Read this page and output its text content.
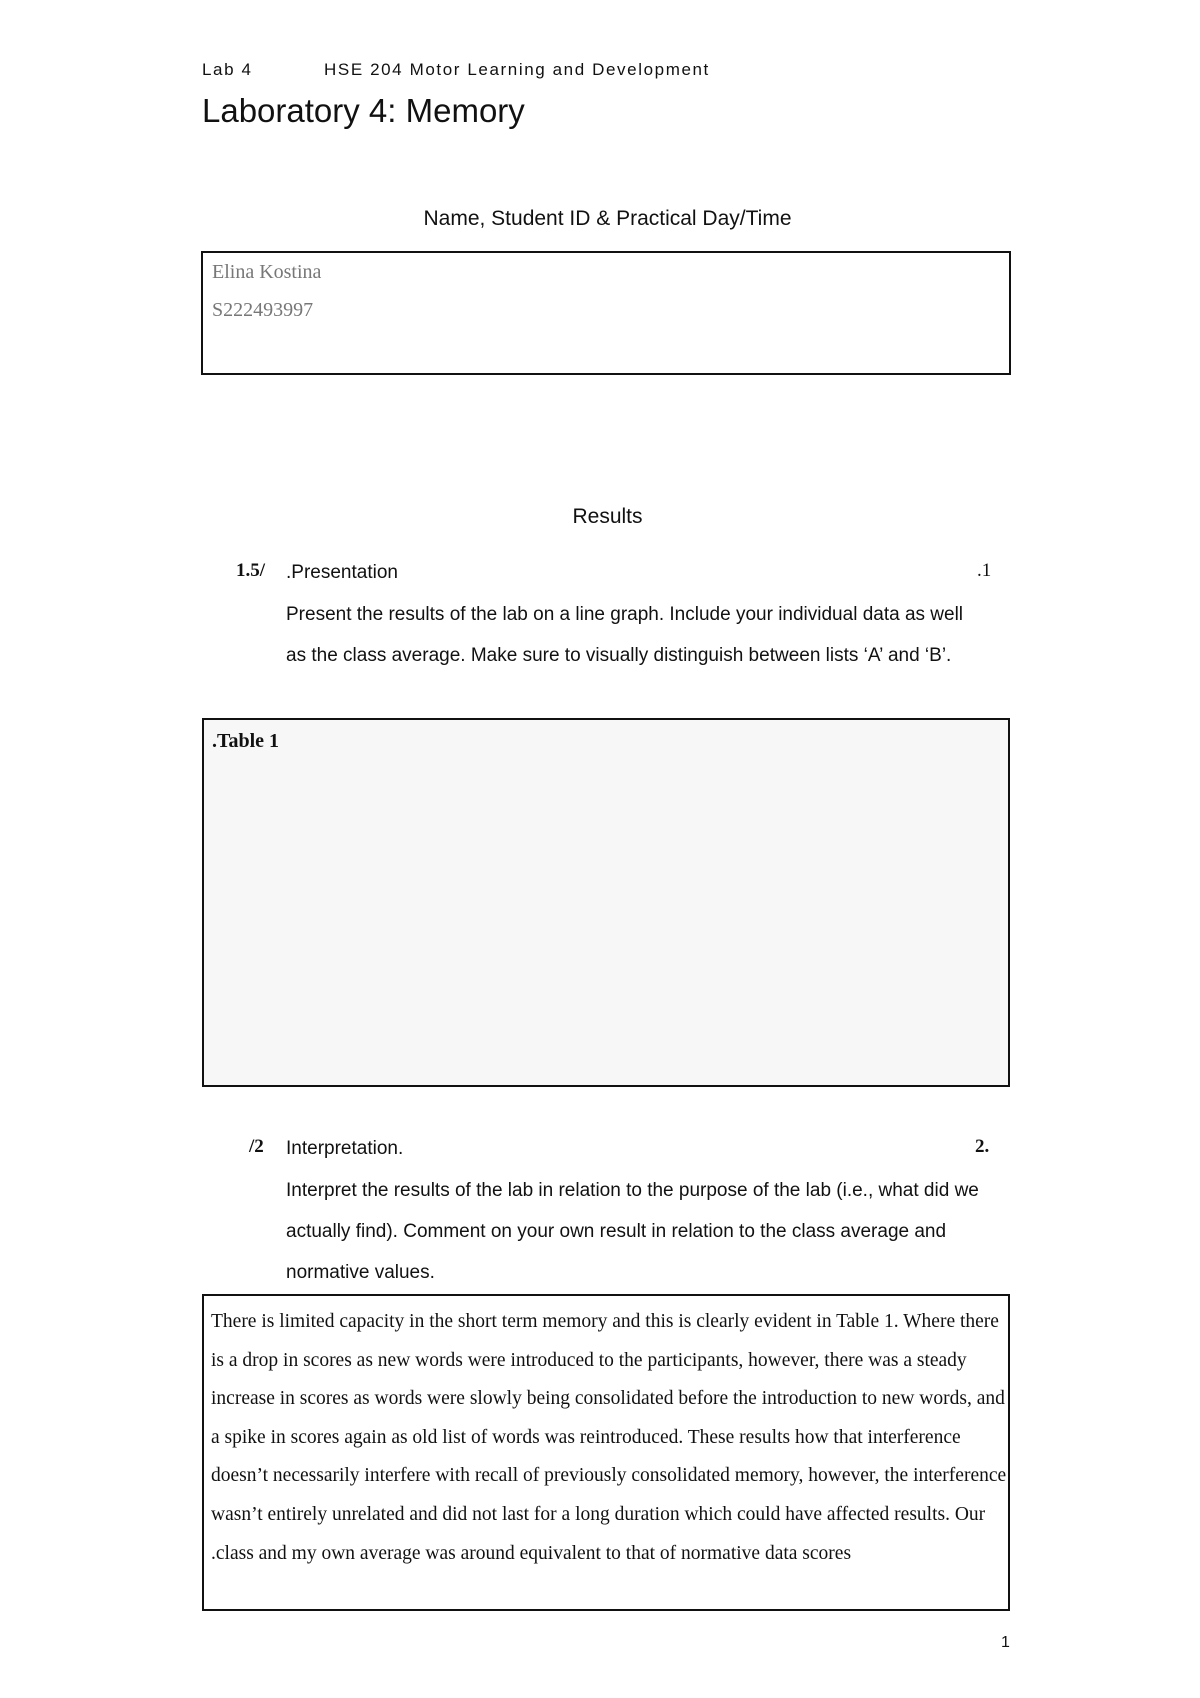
Lab 4	HSE 204 Motor Learning and Development
Laboratory 4: Memory
Name, Student ID & Practical Day/Time
Elina Kostina
S222493997
Results
1.5/ .Presentation	.1
Present the results of the lab on a line graph. Include your individual data as well as the class average. Make sure to visually distinguish between lists ‘A’ and ‘B’.
.Table 1
/2 Interpretation.	2.
Interpret the results of the lab in relation to the purpose of the lab (i.e., what did we actually find). Comment on your own result in relation to the class average and normative values.
There is limited capacity in the short term memory and this is clearly evident in Table 1. Where there is a drop in scores as new words were introduced to the participants, however, there was a steady increase in scores as words were slowly being consolidated before the introduction to new words, and a spike in scores again as old list of words was reintroduced. These results how that interference doesn’t necessarily interfere with recall of previously consolidated memory, however, the interference wasn’t entirely unrelated and did not last for a long duration which could have affected results. Our .class and my own average was around equivalent to that of normative data scores
1
